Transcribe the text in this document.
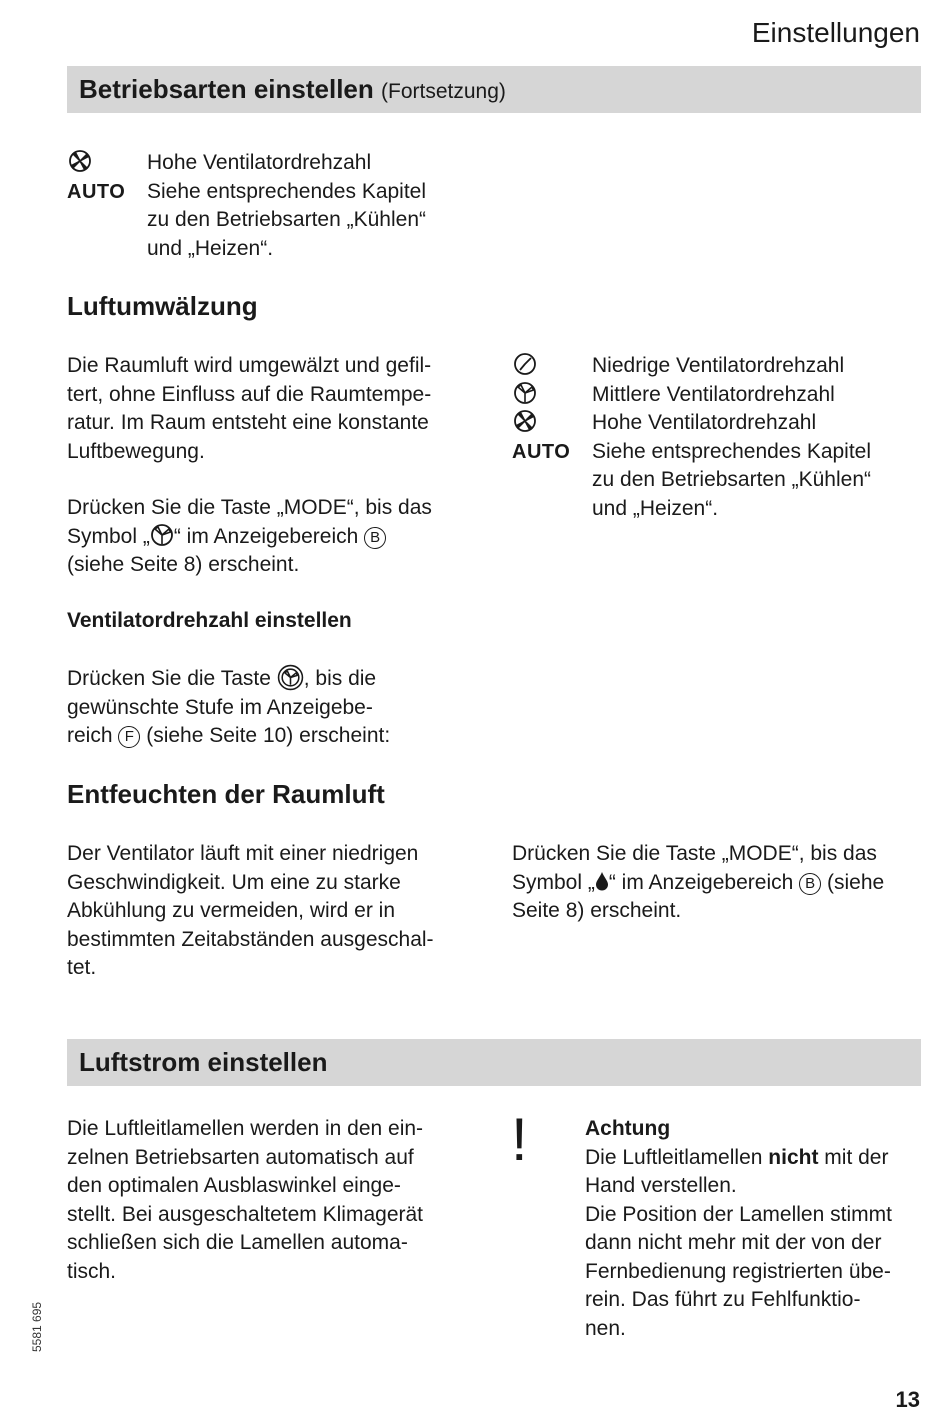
Einstellungen
Betriebsarten einstellen (Fortsetzung)
Hohe Ventilatordrehzahl
AUTO Siehe entsprechendes Kapitel
zu den Betriebsarten „Kühlen“
und „Heizen“.
Luftumwälzung
Die Raumluft wird umgewälzt und gefil-
tert, ohne Einfluss auf die Raumtempe-
ratur. Im Raum entsteht eine konstante
Luftbewegung.
Drücken Sie die Taste „MODE“, bis das
Symbol „ “ im Anzeigebereich B
(siehe Seite 8) erscheint.
Niedrige Ventilatordrehzahl
Mittlere Ventilatordrehzahl
Hohe Ventilatordrehzahl
AUTO Siehe entsprechendes Kapitel
zu den Betriebsarten „Kühlen“
und „Heizen“.
Ventilatordrehzahl einstellen
Drücken Sie die Taste , bis die
gewünschte Stufe im Anzeigebe-
reich F (siehe Seite 10) erscheint:
Entfeuchten der Raumluft
Der Ventilator läuft mit einer niedrigen
Geschwindigkeit. Um eine zu starke
Abkühlung zu vermeiden, wird er in
bestimmten Zeitabständen ausgeschal-
tet.
Drücken Sie die Taste „MODE“, bis das
Symbol „ “ im Anzeigebereich B (siehe
Seite 8) erscheint.
Luftstrom einstellen
Die Luftleitlamellen werden in den ein-
zelnen Betriebsarten automatisch auf
den optimalen Ausblaswinkel einge-
stellt. Bei ausgeschaltetem Klimagerät
schließen sich die Lamellen automa-
tisch.
!	Achtung
Die Luftleitlamellen nicht mit der
Hand verstellen.
Die Position der Lamellen stimmt
dann nicht mehr mit der von der
Fernbedienung registrierten übe-
rein. Das führt zu Fehlfunktio-
nen.
5581 695
13
